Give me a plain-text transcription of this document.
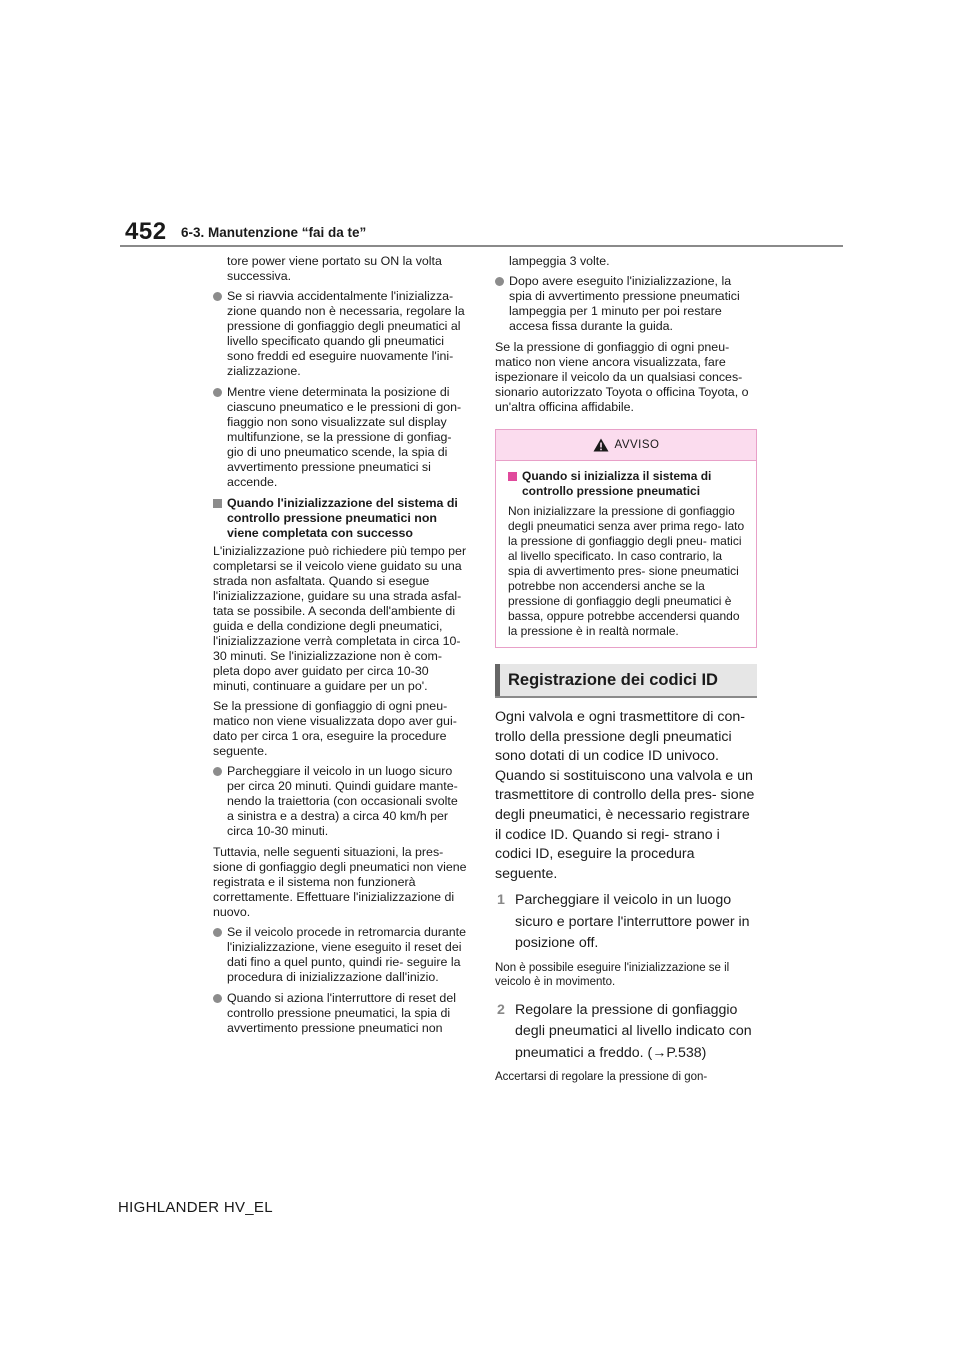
452 6-3. Manutenzione “fai da te”

tore power viene portato su ON la volta successiva.

Se si riavvia accidentalmente l'inizializza- zione quando non è necessaria, regolare la pressione di gonfiaggio degli pneumatici al livello specificato quando gli pneumatici sono freddi ed eseguire nuovamente l'ini- zializzazione.
Mentre viene determinata la posizione di ciascuno pneumatico e le pressioni di gon- fiaggio non sono visualizzate sul display multifunzione, se la pressione di gonfiag- gio di uno pneumatico scende, la spia di avvertimento pressione pneumatici si accende.
Quando l'inizializzazione del sistema di controllo pressione pneumatici non viene completata con successo

L'inizializzazione può richiedere più tempo per completarsi se il veicolo viene guidato su una strada non asfaltata. Quando si esegue l'inizializzazione, guidare su una strada asfal- tata se possibile. A seconda dell'ambiente di guida e della condizione degli pneumatici, l'inizializzazione verrà completata in circa 10-30 minuti. Se l'inizializzazione non è com- pleta dopo aver guidato per circa 10-30 minuti, continuare a guidare per un po'.

Se la pressione di gonfiaggio di ogni pneu- matico non viene visualizzata dopo aver gui- dato per circa 1 ora, eseguire la procedure seguente.

Parcheggiare il veicolo in un luogo sicuro per circa 20 minuti. Quindi guidare mante- nendo la traiettoria (con occasionali svolte a sinistra e a destra) a circa 40 km/h per circa 10-30 minuti.

Tuttavia, nelle seguenti situazioni, la pres- sione di gonfiaggio degli pneumatici non viene registrata e il sistema non funzionerà correttamente. Effettuare l'inizializzazione di nuovo.

Se il veicolo procede in retromarcia durante l'inizializzazione, viene eseguito il reset dei dati fino a quel punto, quindi rie- seguire la procedura di inizializzazione dall'inizio.
Quando si aziona l'interruttore di reset del controllo pressione pneumatici, la spia di avvertimento pressione pneumatici non

lampeggia 3 volte.

Dopo avere eseguito l'inizializzazione, la spia di avvertimento pressione pneumatici lampeggia per 1 minuto per poi restare accesa fissa durante la guida.

Se la pressione di gonfiaggio di ogni pneu- matico non viene ancora visualizzata, fare ispezionare il veicolo da un qualsiasi conces- sionario autorizzato Toyota o officina Toyota, o un'altra officina affidabile.

AVVISO
Quando si inizializza il sistema di controllo pressione pneumatici
Non inizializzare la pressione di gonfiaggio degli pneumatici senza aver prima rego- lato la pressione di gonfiaggio degli pneu- matici al livello specificato. In caso contrario, la spia di avvertimento pres- sione pneumatici potrebbe non accendersi anche se la pressione di gonfiaggio degli pneumatici è bassa, oppure potrebbe accendersi quando la pressione è in realtà normale.
Registrazione dei codici ID

Ogni valvola e ogni trasmettitore di con- trollo della pressione degli pneumatici sono dotati di un codice ID univoco. Quando si sostituiscono una valvola e un trasmettitore di controllo della pres- sione degli pneumatici, è necessario registrare il codice ID. Quando si regi- strano i codici ID, eseguire la procedura seguente.

1 Parcheggiare il veicolo in un luogo sicuro e portare l'interruttore power in posizione off.

Non è possibile eseguire l'inizializzazione se il veicolo è in movimento.

2 Regolare la pressione di gonfiaggio degli pneumatici al livello indicato con pneumatici a freddo. (→P.538)

Accertarsi di regolare la pressione di gon-

HIGHLANDER HV_EL
